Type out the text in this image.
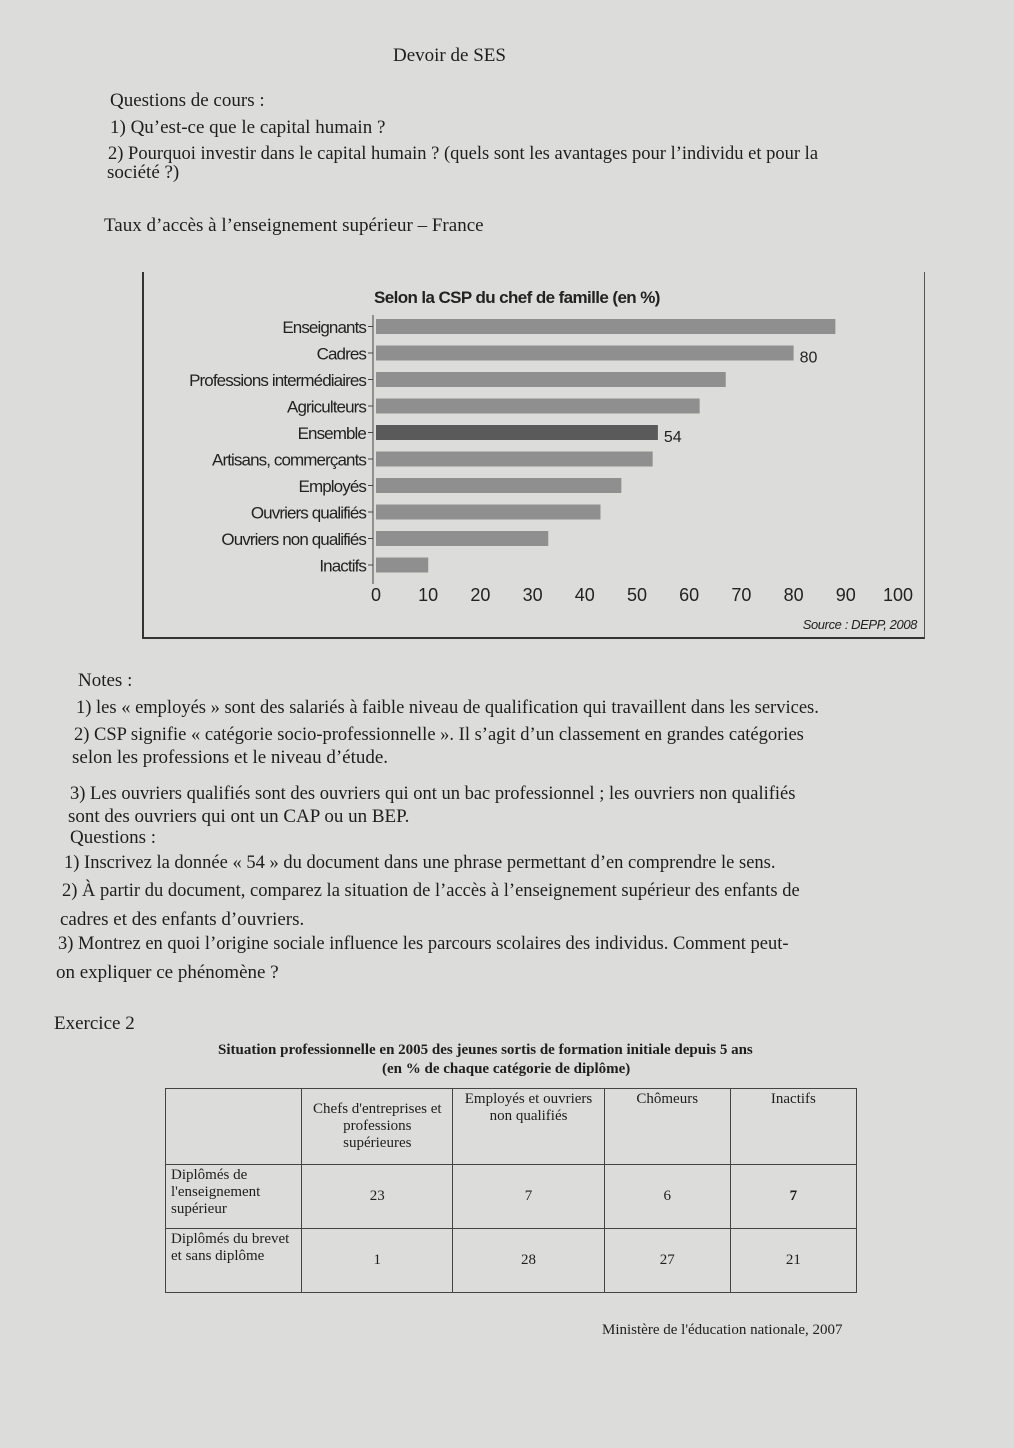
Devoir de SES
Questions de cours :
1) Qu’est-ce que le capital humain ?
2) Pourquoi investir dans le capital humain ? (quels sont les avantages pour l’individu et pour la
société ?)
Taux d’accès à l’enseignement supérieur – France
Selon la CSP du chef de famille (en %)
Enseignants
Cadres	80
Professions intermédiaires
Agriculteurs
Ensemble	54
Artisans, commerçants
Employés
Ouvriers qualifiés
Ouvriers non qualifiés
Inactifs
0 10 20 30 40 50 60 70 80 90 100
Source : DEPP, 2008
Notes :
1) les « employés » sont des salariés à faible niveau de qualification qui travaillent dans les services.
2) CSP signifie « catégorie socio-professionnelle ». Il s’agit d’un classement en grandes catégories
selon les professions et le niveau d’étude.
3) Les ouvriers qualifiés sont des ouvriers qui ont un bac professionnel ; les ouvriers non qualifiés
sont des ouvriers qui ont un CAP ou un BEP.
Questions :
1) Inscrivez la donnée « 54 » du document dans une phrase permettant d’en comprendre le sens.
2) À partir du document, comparez la situation de l’accès à l’enseignement supérieur des enfants de
cadres et des enfants d’ouvriers.
3) Montrez en quoi l’origine sociale influence les parcours scolaires des individus. Comment peut-
on expliquer ce phénomène ?
Exercice 2
Situation professionnelle en 2005 des jeunes sortis de formation initiale depuis 5 ans
(en % de chaque catégorie de diplôme)
	Chefs d'entreprises et professions supérieures	Employés et ouvriers non qualifiés	Chômeurs	Inactifs
Diplômés de l'enseignement supérieur	23	7	6	7
Diplômés du brevet et sans diplôme	1	28	27	21
Ministère de l'éducation nationale, 2007
